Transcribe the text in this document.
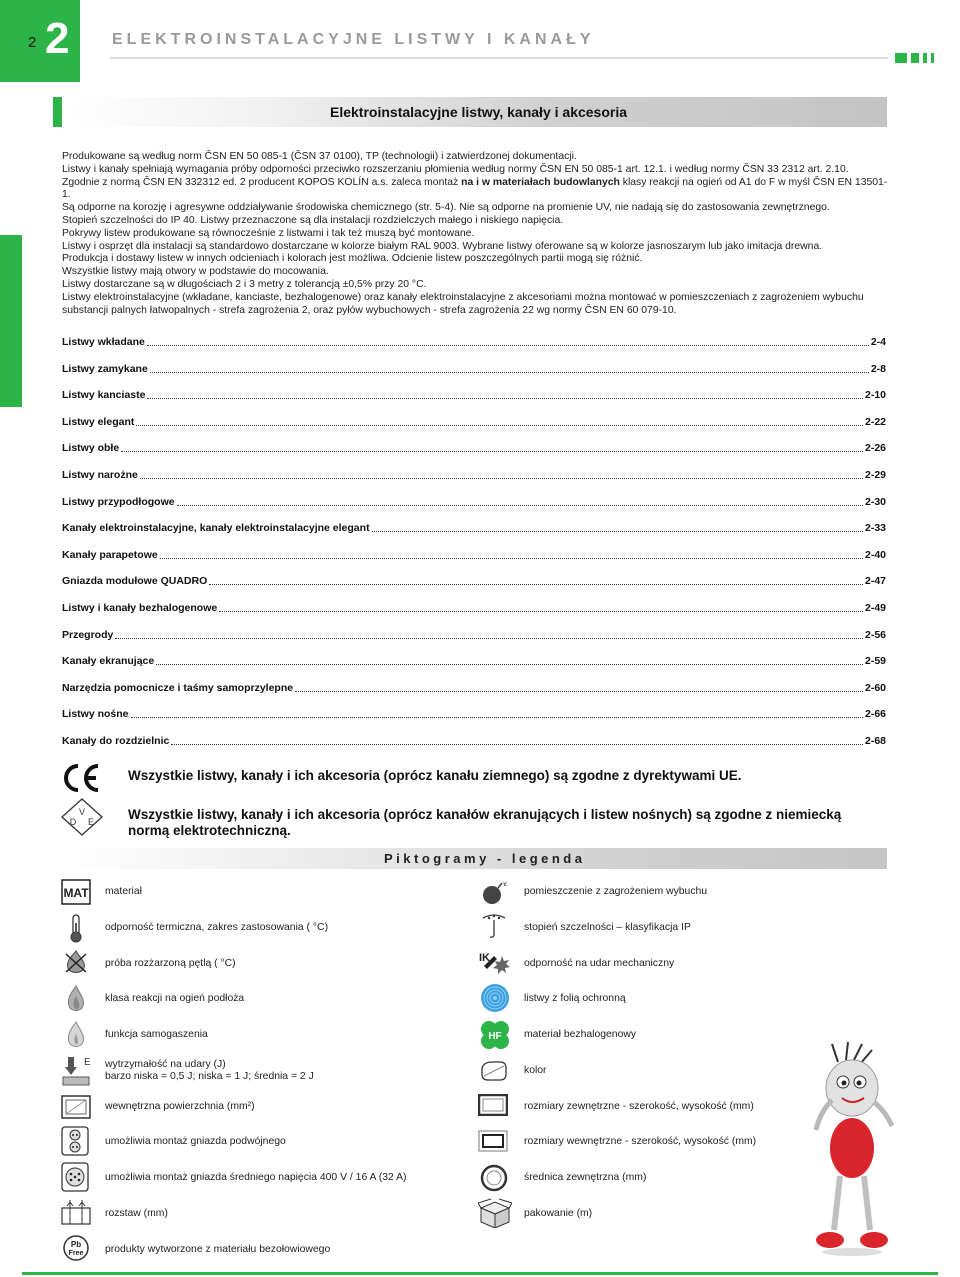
2 2	ELEKTROINSTALACYJNE LISTWY I KANAŁY
Elektroinstalacyjne listwy, kanały i akcesoria

Produkowane są według norm ČSN EN 50 085-1 (ČSN 37 0100), TP (technologii) i zatwierdzonej dokumentacji.

Listwy i kanały spełniają wymagania próby odporności przeciwko rozszerzaniu płomienia według normy ČSN EN 50 085-1 art. 12.1. i według normy ČSN 33 2312 art. 2.10. Zgodnie z normą ČSN EN 332312 ed. 2 producent KOPOS KOLÍN a.s. zaleca montaż na i w materiałach budowlanych klasy reakcji na ogień od A1 do F w myśl ČSN EN 13501-1.

Są odporne na korozję i agresywne oddziaływanie środowiska chemicznego (str. 5-4). Nie są odporne na promienie UV, nie nadają się do zastosowania zewnętrznego.

Stopień szczelności do IP 40. Listwy przeznaczone są dla instalacji rozdzielczych małego i niskiego napięcia.

Pokrywy listew produkowane są równocześnie z listwami i tak też muszą być montowane.

Listwy i osprzęt dla instalacji są standardowo dostarczane w kolorze białym RAL 9003. Wybrane listwy oferowane są w kolorze jasnoszarym lub jako imitacja drewna.

Produkcja i dostawy listew w innych odcieniach i kolorach jest możliwa. Odcienie listew poszczególnych partii mogą się różnić.

Wszystkie listwy mają otwory w podstawie do mocowania.

Listwy dostarczane są w długościach 2 i 3 metry z tolerancją ±0,5% przy 20 °C.

Listwy elektroinstalacyjne (wkładane, kanciaste, bezhalogenowe) oraz kanały elektroinstalacyjne z akcesoriami można montować w pomieszczeniach z zagrożeniem wybuchu substancji palnych łatwopalnych - strefa zagrożenia 2, oraz pyłów wybuchowych - strefa zagrożenia 22 wg normy ČSN EN 60 079-10.

Listwy wkładane	2-4
Listwy zamykane	2-8
Listwy kanciaste	2-10
Listwy elegant	2-22
Listwy obłe	2-26
Listwy narożne	2-29
Listwy przypodłogowe	2-30
Kanały elektroinstalacyjne, kanały elektroinstalacyjne elegant	2-33
Kanały parapetowe	2-40
Gniazda modułowe QUADRO	2-47
Listwy i kanały bezhalogenowe	2-49
Przegrody	2-56
Kanały ekranujące	2-59
Narzędzia pomocnicze i taśmy samoprzylepne	2-60
Listwy nośne	2-66
Kanały do rozdzielnic	2-68
Wszystkie listwy, kanały i ich akcesoria (oprócz kanału ziemnego) są zgodne z dyrektywami UE.
V
D E	Wszystkie listwy, kanały i ich akcesoria (oprócz kanałów ekranujących i listew nośnych) są zgodne z niemiecką normą elektrotechniczną.
Piktogramy - legenda
MAT
E
Pb
Free
materiał
odporność termiczna, zakres zastosowania ( °C)
próba rozżarzoną pętlą ( °C)
klasa reakcji na ogień podłoża
funkcja samogaszenia
wytrzymałość na udary (J)
barzo niska = 0,5 J; niska = 1 J; średnia = 2 J
wewnętrzna powierzchnia (mm²)
umożliwia montaż gniazda podwójnego
umożliwia montaż gniazda średniego napięcia 400 V / 16 A (32 A)
rozstaw (mm)
produkty wytworzone z materiału bezołowiowego
IK
HF
pomieszczenie z zagrożeniem wybuchu
stopień szczelności – klasyfikacja IP
odporność na udar mechaniczny
listwy z folią ochronną
materiał bezhalogenowy
kolor
rozmiary zewnętrzne - szerokość, wysokość (mm)
rozmiary wewnętrzne - szerokość, wysokość (mm)
średnica zewnętrzna (mm)
pakowanie (m)
